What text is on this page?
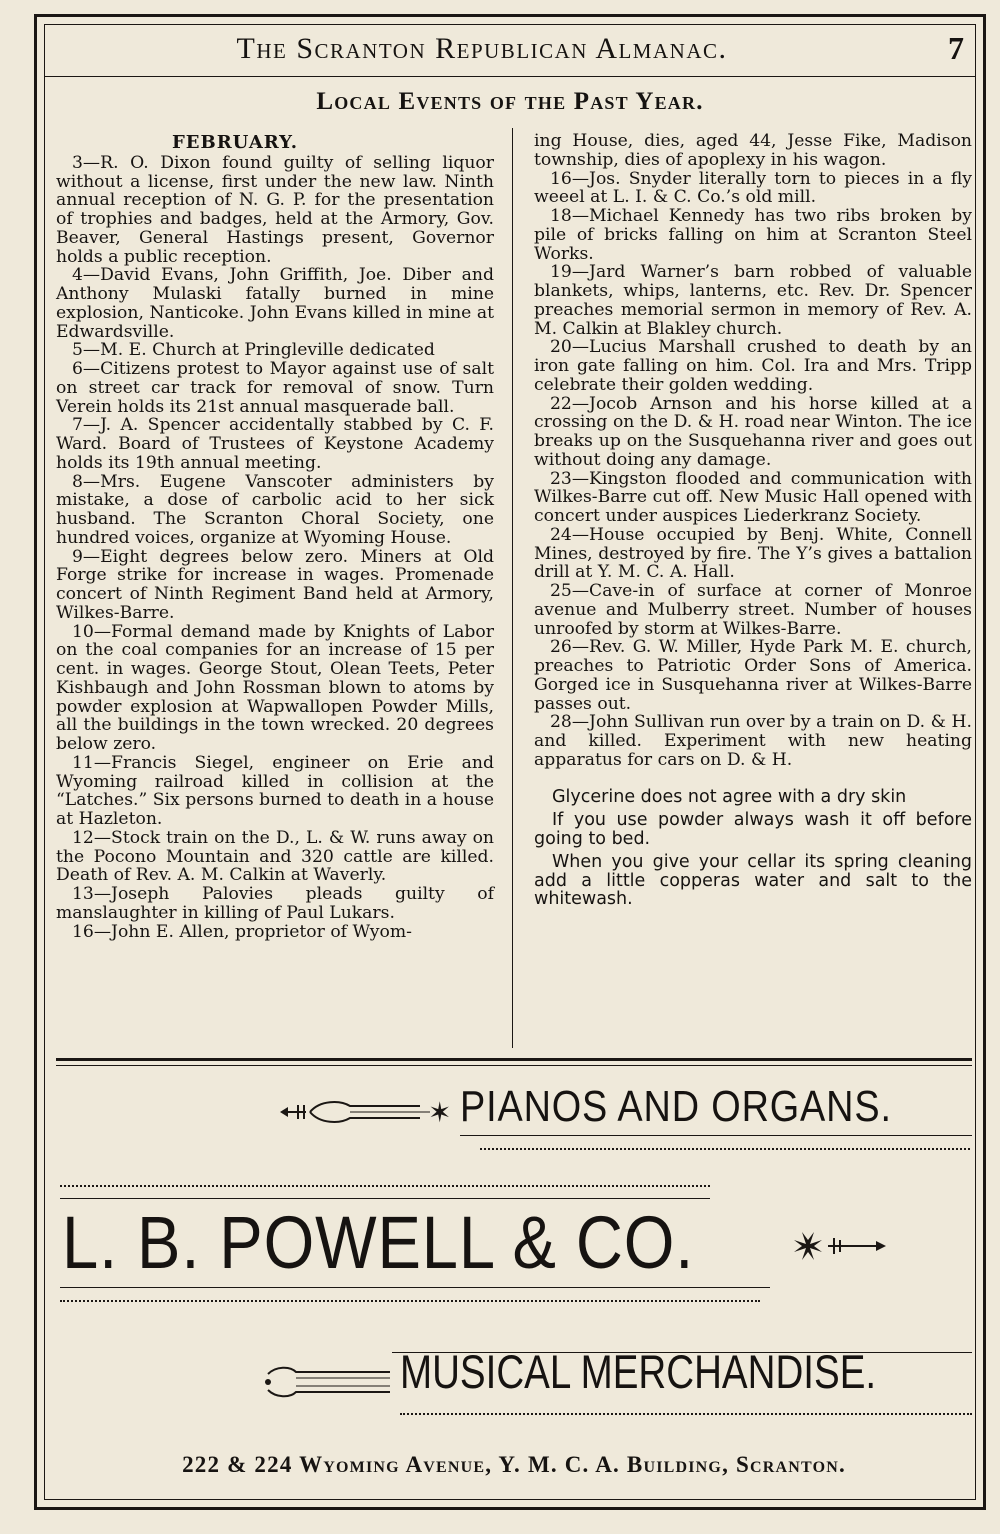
The Scranton Republican Almanac.	7
Local Events of the Past Year.
FEBRUARY.

3—R. O. Dixon found guilty of selling liquor without a license, first under the new law. Ninth annual reception of N. G. P. for the presentation of trophies and badges, held at the Armory, Gov. Beaver, General Hastings present, Governor holds a public reception.

4—David Evans, John Griffith, Joe. Diber and Anthony Mulaski fatally burned in mine explosion, Nanticoke. John Evans killed in mine at Edwardsville.

5—M. E. Church at Pringleville dedicated

6—Citizens protest to Mayor against use of salt on street car track for removal of snow. Turn Verein holds its 21st annual masquerade ball.

7—J. A. Spencer accidentally stabbed by C. F. Ward. Board of Trustees of Keystone Academy holds its 19th annual meeting.

8—Mrs. Eugene Vanscoter administers by mistake, a dose of carbolic acid to her sick husband. The Scranton Choral Society, one hundred voices, organize at Wyoming House.

9—Eight degrees below zero. Miners at Old Forge strike for increase in wages. Promenade concert of Ninth Regiment Band held at Armory, Wilkes-Barre.

10—Formal demand made by Knights of Labor on the coal companies for an increase of 15 per cent. in wages. George Stout, Olean Teets, Peter Kishbaugh and John Rossman blown to atoms by powder explosion at Wapwallopen Powder Mills, all the buildings in the town wrecked. 20 degrees below zero.

11—Francis Siegel, engineer on Erie and Wyoming railroad killed in collision at the “Latches.” Six persons burned to death in a house at Hazleton.

12—Stock train on the D., L. & W. runs away on the Pocono Mountain and 320 cattle are killed. Death of Rev. A. M. Calkin at Waverly.

13—Joseph Palovies pleads guilty of manslaughter in killing of Paul Lukars.

16—John E. Allen, proprietor of Wyom-

ing House, dies, aged 44, Jesse Fike, Madison township, dies of apoplexy in his wagon.

16—Jos. Snyder literally torn to pieces in a fly weeel at L. I. & C. Co.’s old mill.

18—Michael Kennedy has two ribs broken by pile of bricks falling on him at Scranton Steel Works.

19—Jard Warner’s barn robbed of valuable blankets, whips, lanterns, etc. Rev. Dr. Spencer preaches memorial sermon in memory of Rev. A. M. Calkin at Blakley church.

20—Lucius Marshall crushed to death by an iron gate falling on him. Col. Ira and Mrs. Tripp celebrate their golden wedding.

22—Jocob Arnson and his horse killed at a crossing on the D. & H. road near Winton. The ice breaks up on the Susquehanna river and goes out without doing any damage.

23—Kingston flooded and communication with Wilkes-Barre cut off. New Music Hall opened with concert under auspices Liederkranz Society.

24—House occupied by Benj. White, Connell Mines, destroyed by fire. The Y’s gives a battalion drill at Y. M. C. A. Hall.

25—Cave-in of surface at corner of Monroe avenue and Mulberry street. Number of houses unroofed by storm at Wilkes-Barre.

26—Rev. G. W. Miller, Hyde Park M. E. church, preaches to Patriotic Order Sons of America. Gorged ice in Susquehanna river at Wilkes-Barre passes out.

28—John Sullivan run over by a train on D. & H. and killed. Experiment with new heating apparatus for cars on D. & H.

Glycerine does not agree with a dry skin

If you use powder always wash it off before going to bed.

When you give your cellar its spring cleaning add a little copperas water and salt to the whitewash.

✶ PIANOS AND ORGANS.
L. B. POWELL & CO.
MUSICAL MERCHANDISE.
222 & 224 Wyoming Avenue, Y. M. C. A. Building, Scranton.
